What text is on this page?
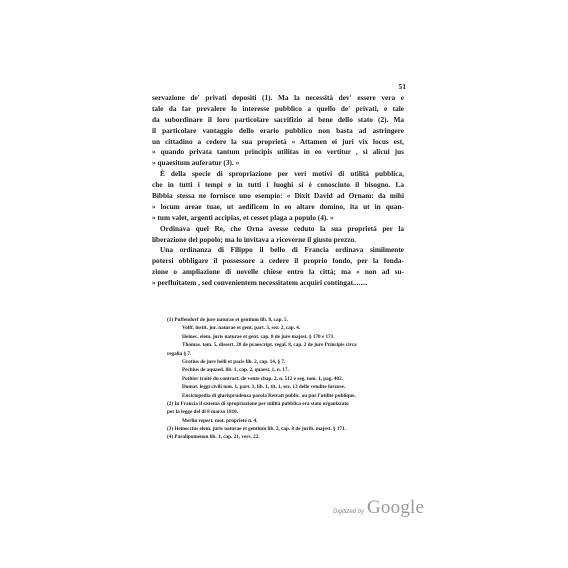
51
servazione de' privati depositi (1). Ma la necessità dev' essere vera e
tale da far prevalere lo interesse pubblico a quello de' privati, e tale
da subordinare il loro particolare sacrifizio al bene dello stato (2). Ma
il particolare vantaggio dello erario pubblico non basta ad astringere
un cittadino a cedere la sua proprietà « Attamen ei juri vix locus est,
» quando privata tantum principis utilitas in eo vertitur , si alicui jus
» quaesitum auferatur (3). »
È della specie di spropriazione per veri motivi di utilità pubblica,
che in tutti i tempi e in tutti i luoghi si è conosciuto il bisogno. La
Bibbia stessa ne fornisce uno esempio: « Dixit David ad Ornam: da mihi
» locum areae tuae, ut aedificem in eo altare domino, ita ut in quan-
» tum valet, argenti accipias, et cesset plaga a populo (4). »
Ordinava quel Re, che Orna avesse ceduto la sua proprietà per la
liberazione del popolo; ma lo invitava a riceverne il giusto prezzo.
Una ordinanza di Filippo il bello di Francia ordinava similmente
potersi obbligare il possessore a cedere il proprio fondo, per la fonda-
zione o ampliazione di novelle chiese entro la città; ma « non ad su-
» perfluitatem , sed convenientem necessitatem acquiri contingat........
(1) Puffendorf de jure naturae et gentium lib. 8, cap. 5.
Volff. instit. jur. naturae et gent. part. 3, sez. 2, cap. 4.
Heinec. elem. juris naturae et gent. cap. 8 de jure majest. § 170 e 171.
Thomas. tom. 5, dissert. 28 de praescript. regal. 8, cap. 2 de jure Principis circa
regalia § 7.
Grotius de jure belli et pacis lib. 2, cap. 14, § 7.
Pechius de aquaed. lib. 1, cap. 2, quaest. 1, n. 17.
Pothier traité du contract. de vente chap. 2, n. 512 e seg. tom. 1, pag. 402.
Domat. leggi civili tom. 1, part. 1, lib. 1, tit. 1, sez. 13 delle vendite forzose.
Enciclopedia di giurisprudenza parola Retrait public. ou pur l'utilité publique.
(2) In Francia il sistema di spropriazione per utilità pubblica era stato organizzato
per la legge del di 8 marzo 1810.
Merlin repert. mot. proprieté n. 4.
(3) Heineccius elem. juris naturae et gentium lib. 2, cap. 8 de jurib. majest. § 171.
(4) Paralipomenon lib. 1, cap. 21, vers. 22.
Digitized by Google
